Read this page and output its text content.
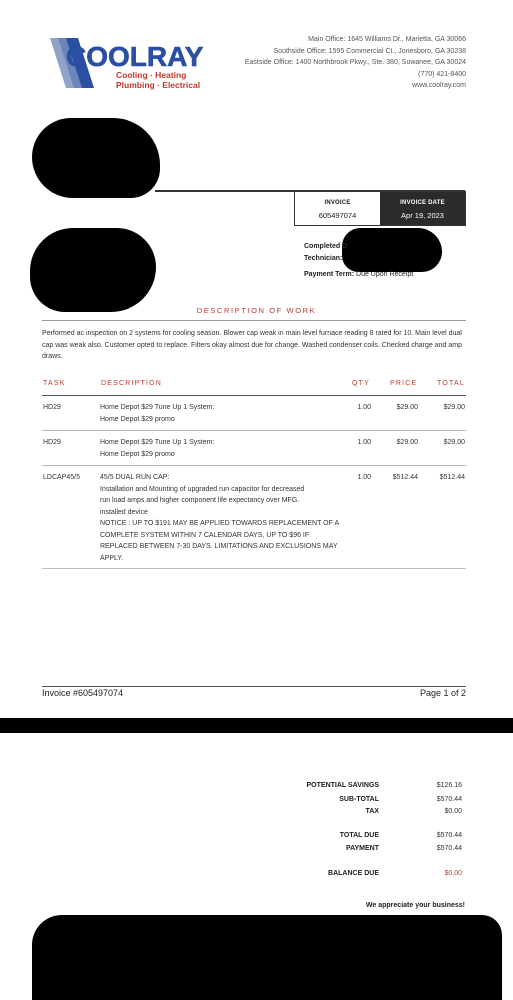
COOLRAY
Cooling · Heating
Plumbing · Electrical
Main Office: 1645 Williams Dr., Marietta, GA 30066
Southside Office: 1595 Commercial Ct., Jonesboro, GA 30238
Eastside Office: 1400 Northbrook Pkwy., Ste. 380, Suwanee, GA 30024
(770) 421-8400
www.coolray.com
INVOICE
605497074
INVOICE DATE
Apr 19, 2023
Completed D
Technician:
Payment Term: Due Upon Receipt
DESCRIPTION OF WORK
Performed ac inspection on 2 systems for cooling season. Blower cap weak in main level furnace reading 8 rated for 10. Main level dual cap was weak also. Customer opted to replace. Filters okay almost due for change. Washed condenser coils. Checked charge and amp draws.
TASK	DESCRIPTION	QTY	PRICE	TOTAL
HD29	Home Depot $29 Tune Up 1 System:
Home Depot $29 promo
1.00	$29.00	$29.00
HD29	Home Depot $29 Tune Up 1 System:
Home Depot $29 promo
1.00	$29.00	$29.00
LDCAP45/5	45/5 DUAL RUN CAP:
Installation and Mounting of upgraded run capacitor for decreased
run load amps and higher component life expectancy over MFG.
installed device
NOTICE : UP TO $191 MAY BE APPLIED TOWARDS REPLACEMENT OF A
COMPLETE SYSTEM WITHIN 7 CALENDAR DAYS, UP TO $96 IF
REPLACED BETWEEN 7-30 DAYS. LIMITATIONS AND EXCLUSIONS MAY
APPLY.
1.00	$512.44	$512.44
Invoice #605497074	Page 1 of 2
POTENTIAL SAVINGS	$126.16
SUB-TOTAL	$570.44
TAX	$0.00
TOTAL DUE	$570.44
PAYMENT	$570.44
BALANCE DUE	$0.00
We appreciate your business!
